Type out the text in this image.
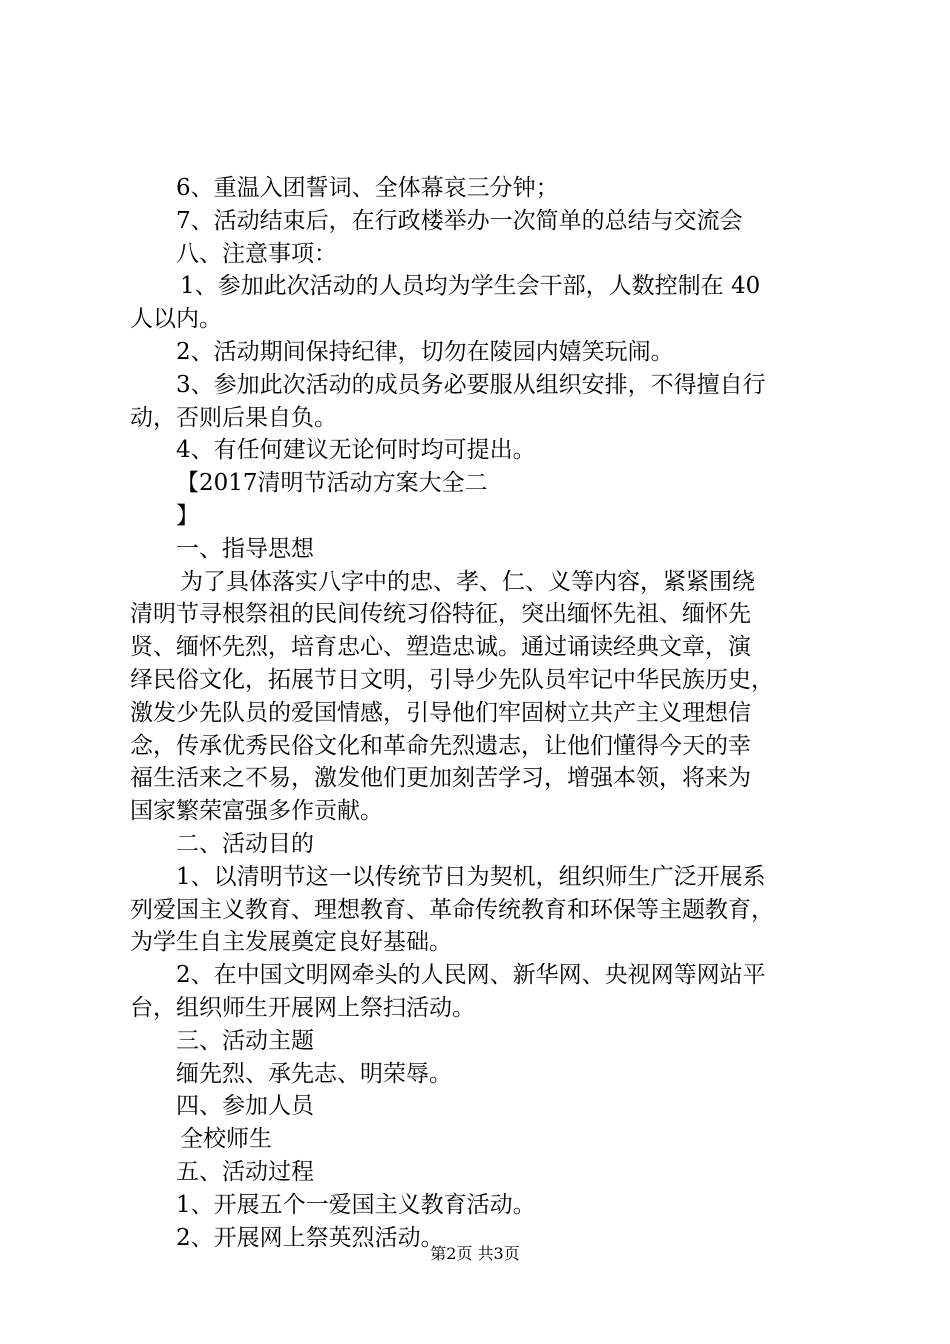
6、重温入团誓词、全体幕哀三分钟；
7、活动结束后，在行政楼举办一次简单的总结与交流会
八、注意事项：
1、参加此次活动的人员均为学生会干部，人数控制在 40
人以内。
2、活动期间保持纪律，切勿在陵园内嬉笑玩闹。
3、参加此次活动的成员务必要服从组织安排，不得擅自行
动，否则后果自负。
4、有任何建议无论何时均可提出。
【2017清明节活动方案大全二
】
一、指导思想
为了具体落实八字中的忠、孝、仁、义等内容，紧紧围绕
清明节寻根祭祖的民间传统习俗特征，突出缅怀先祖、缅怀先
贤、缅怀先烈，培育忠心、塑造忠诚。通过诵读经典文章，演
绎民俗文化，拓展节日文明，引导少先队员牢记中华民族历史，
激发少先队员的爱国情感，引导他们牢固树立共产主义理想信
念，传承优秀民俗文化和革命先烈遗志，让他们懂得今天的幸
福生活来之不易，激发他们更加刻苦学习，增强本领，将来为
国家繁荣富强多作贡献。
二、活动目的
1、以清明节这一以传统节日为契机，组织师生广泛开展系
列爱国主义教育、理想教育、革命传统教育和环保等主题教育，
为学生自主发展奠定良好基础。
2、在中国文明网牵头的人民网、新华网、央视网等网站平
台，组织师生开展网上祭扫活动。
三、活动主题
缅先烈、承先志、明荣辱。
四、参加人员
全校师生
五、活动过程
1、开展五个一爱国主义教育活动。
2、开展网上祭英烈活动。
第2页 共3页
